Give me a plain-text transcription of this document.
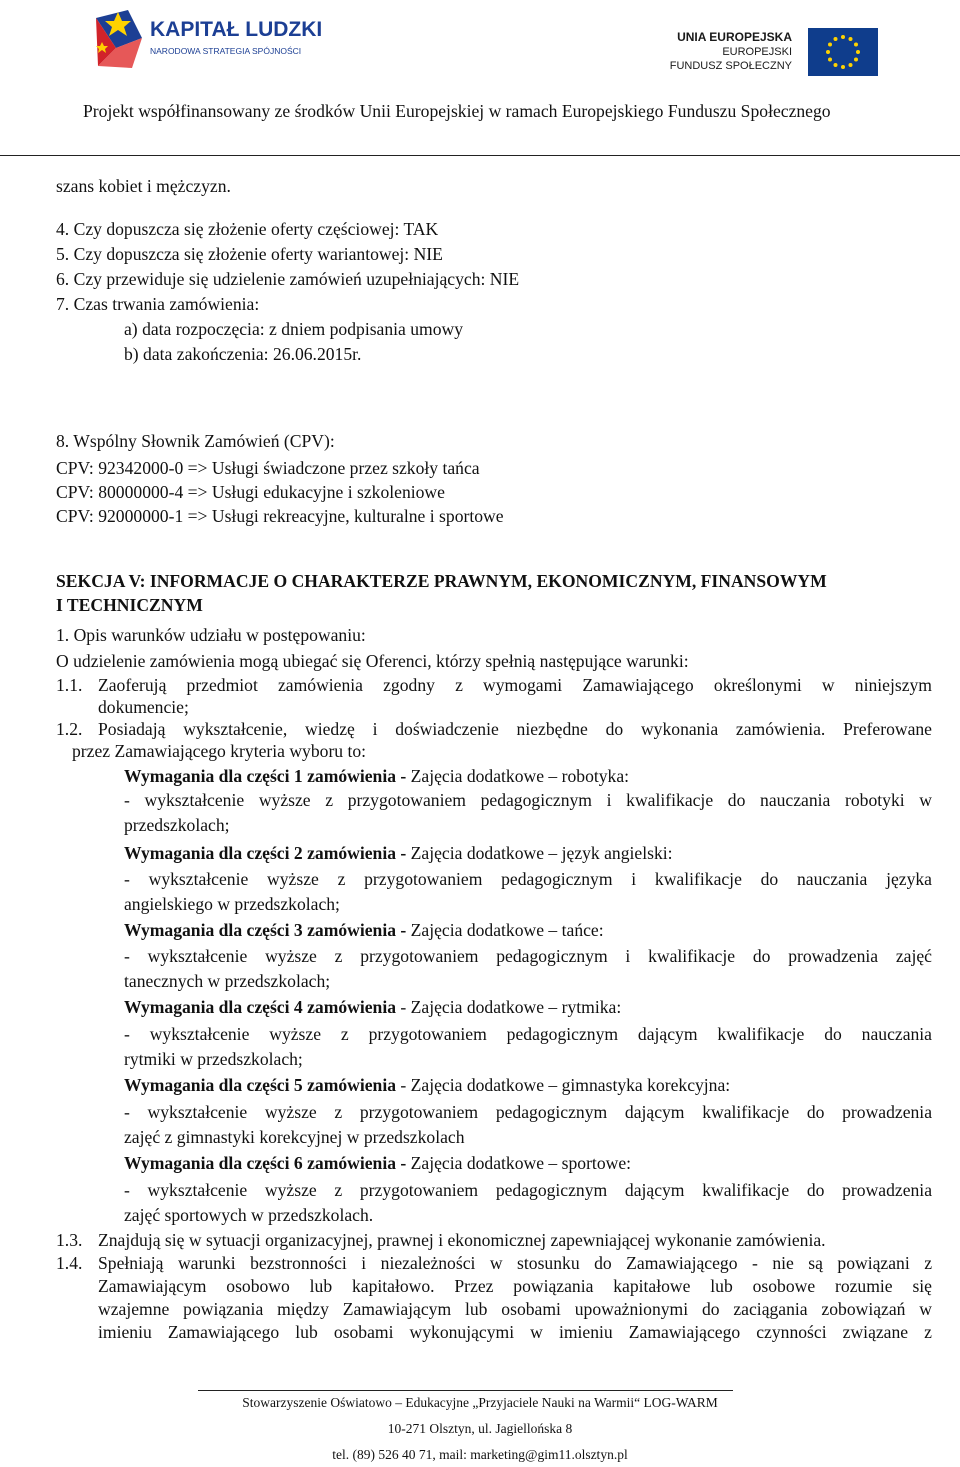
KAPITAŁ LUDZKI
NARODOWA STRATEGIA SPÓJNOŚCI
UNIA EUROPEJSKA
EUROPEJSKI
FUNDUSZ SPOŁECZNY
Projekt współfinansowany ze środków Unii Europejskiej w ramach Europejskiego Funduszu Społecznego
szans kobiet i mężczyzn.
4. Czy dopuszcza się złożenie oferty częściowej: TAK
5. Czy dopuszcza się złożenie oferty wariantowej: NIE
6. Czy przewiduje się udzielenie zamówień uzupełniających: NIE
7. Czas trwania zamówienia:
a) data rozpoczęcia: z dniem podpisania umowy
b) data zakończenia: 26.06.2015r.
8. Wspólny Słownik Zamówień (CPV):
CPV: 92342000-0 => Usługi świadczone przez szkoły tańca
CPV: 80000000-4 => Usługi edukacyjne i szkoleniowe
CPV: 92000000-1 => Usługi rekreacyjne, kulturalne i sportowe
SEKCJA V: INFORMACJE O CHARAKTERZE PRAWNYM, EKONOMICZNYM, FINANSOWYM
I TECHNICZNYM
1. Opis warunków udziału w postępowaniu:
O udzielenie zamówienia mogą ubiegać się Oferenci, którzy spełnią następujące warunki:
1.1. Zaoferują przedmiot zamówienia zgodny z wymogami Zamawiającego określonymi w niniejszym
dokumencie;
1.2. Posiadają wykształcenie, wiedzę i doświadczenie niezbędne do wykonania zamówienia. Preferowane
przez Zamawiającego kryteria wyboru to:
Wymagania dla części 1 zamówienia - Zajęcia dodatkowe – robotyka:
- wykształcenie wyższe z przygotowaniem pedagogicznym i kwalifikacje do nauczania robotyki w
przedszkolach;
Wymagania dla części 2 zamówienia - Zajęcia dodatkowe – język angielski:
- wykształcenie wyższe z przygotowaniem pedagogicznym i kwalifikacje do nauczania języka
angielskiego w przedszkolach;
Wymagania dla części 3 zamówienia - Zajęcia dodatkowe – tańce:
- wykształcenie wyższe z przygotowaniem pedagogicznym i kwalifikacje do prowadzenia zajęć
tanecznych w przedszkolach;
Wymagania dla części 4 zamówienia - Zajęcia dodatkowe – rytmika:
- wykształcenie wyższe z przygotowaniem pedagogicznym dającym kwalifikacje do nauczania
rytmiki w przedszkolach;
Wymagania dla części 5 zamówienia - Zajęcia dodatkowe – gimnastyka korekcyjna:
- wykształcenie wyższe z przygotowaniem pedagogicznym dającym kwalifikacje do prowadzenia
zajęć z gimnastyki korekcyjnej w przedszkolach
Wymagania dla części 6 zamówienia - Zajęcia dodatkowe – sportowe:
- wykształcenie wyższe z przygotowaniem pedagogicznym dającym kwalifikacje do prowadzenia
zajęć sportowych w przedszkolach.
1.3. Znajdują się w sytuacji organizacyjnej, prawnej i ekonomicznej zapewniającej wykonanie zamówienia.
1.4. Spełniają warunki bezstronności i niezależności w stosunku do Zamawiającego - nie są powiązani z
Zamawiającym osobowo lub kapitałowo. Przez powiązania kapitałowe lub osobowe rozumie się
wzajemne powiązania między Zamawiającym lub osobami upoważnionymi do zaciągania zobowiązań w
imieniu Zamawiającego lub osobami wykonującymi w imieniu Zamawiającego czynności związane z
Stowarzyszenie Oświatowo – Edukacyjne „Przyjaciele Nauki na Warmii“ LOG-WARM
10-271 Olsztyn, ul. Jagiellońska 8
tel. (89) 526 40 71, mail: marketing@gim11.olsztyn.pl
